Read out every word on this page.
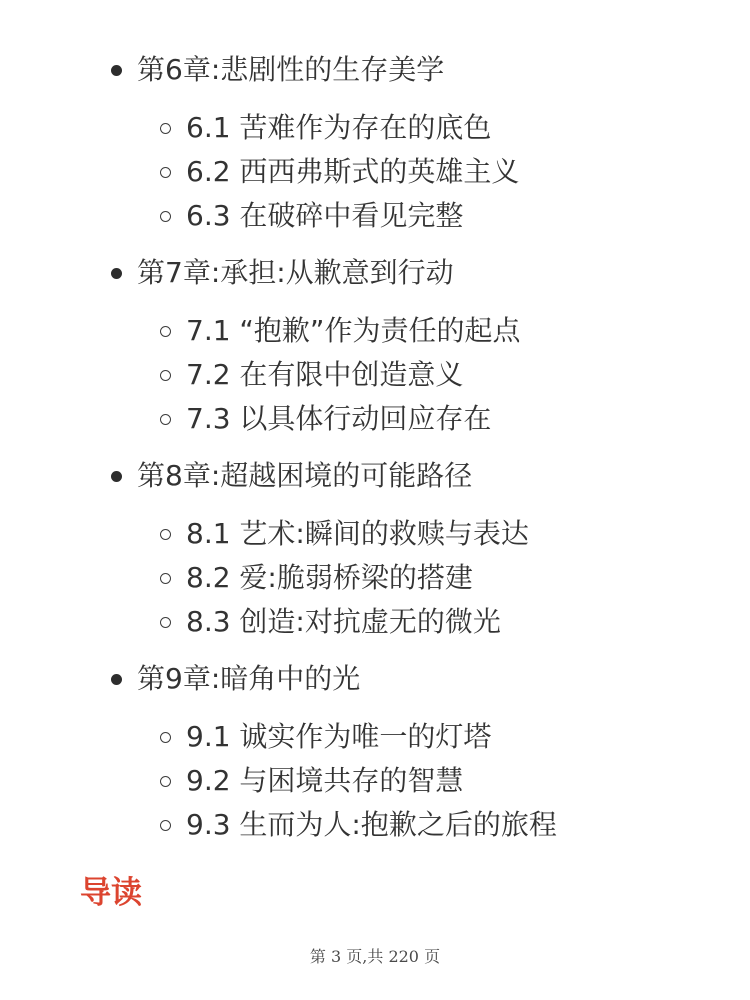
第6章:悲剧性的生存美学
6.1 苦难作为存在的底色
6.2 西西弗斯式的英雄主义
6.3 在破碎中看见完整
第7章:承担:从歉意到行动
7.1 “抱歉”作为责任的起点
7.2 在有限中创造意义
7.3 以具体行动回应存在
第8章:超越困境的可能路径
8.1 艺术:瞬间的救赎与表达
8.2 爱:脆弱桥梁的搭建
8.3 创造:对抗虚无的微光
第9章:暗角中的光
9.1 诚实作为唯一的灯塔
9.2 与困境共存的智慧
9.3 生而为人:抱歉之后的旅程
导读
第 3 页,共 220 页
